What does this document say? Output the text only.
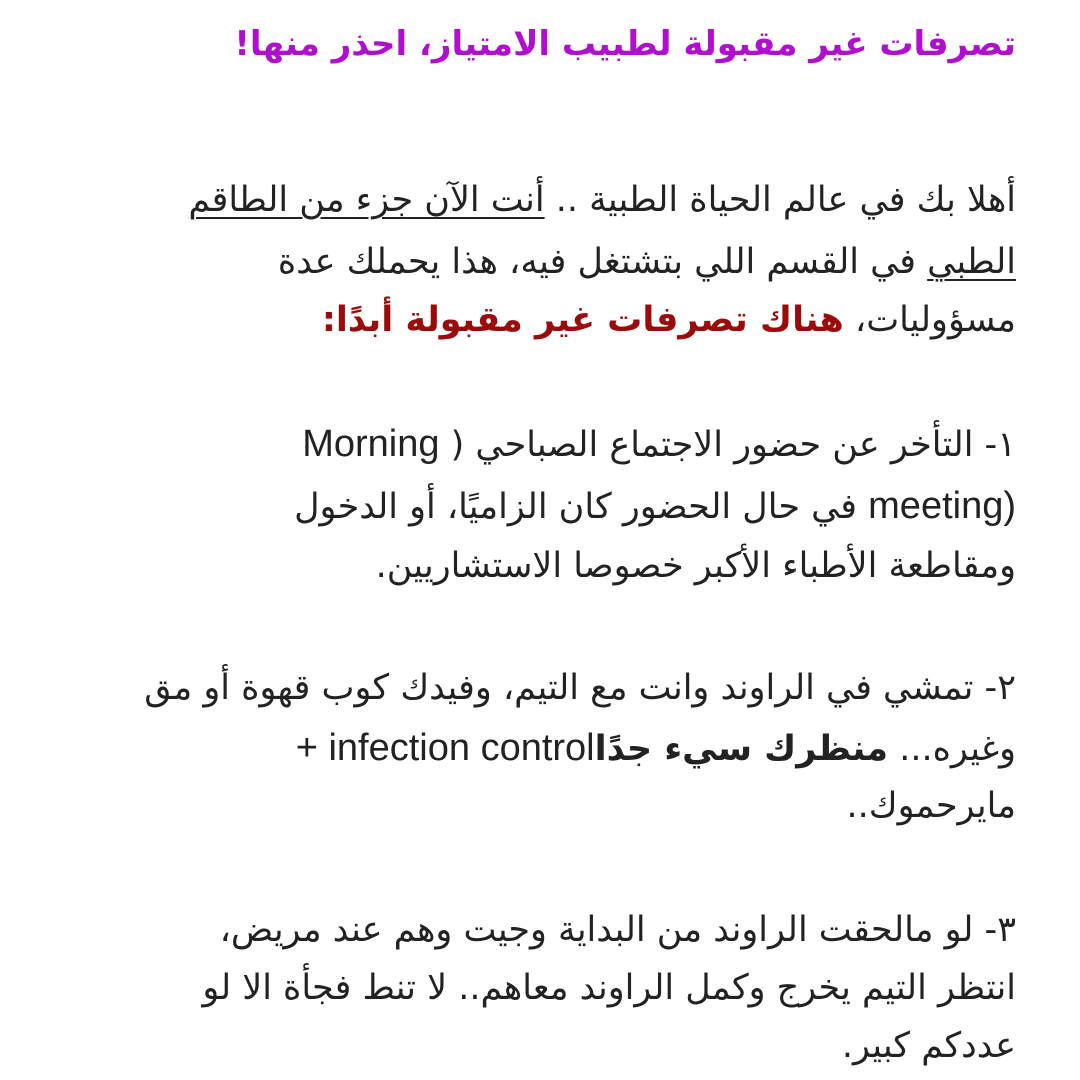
تصرفات غير مقبولة لطبيب الامتياز، احذر منها!
أهلا بك في عالم الحياة الطبية .. أنت الآن جزء من الطاقم
الطبي في القسم اللي بتشتغل فيه، هذا يحملك عدة
مسؤوليات، هناك تصرفات غير مقبولة أبدًا:
١- التأخر عن حضور الاجتماع الصباحي ( Morning
meeting) في حال الحضور كان الزاميًا، أو الدخول
ومقاطعة الأطباء الأكبر خصوصا الاستشاريين.
٢- تمشي في الراوند وانت مع التيم، وفيدك كوب قهوة أو مق
وغيره... منظرك سيء جدًا + infection control
مايرحموك..
٣- لو مالحقت الراوند من البداية وجيت وهم عند مريض،
انتظر التيم يخرج وكمل الراوند معاهم.. لا تنط فجأة الا لو
عددكم كبير.
